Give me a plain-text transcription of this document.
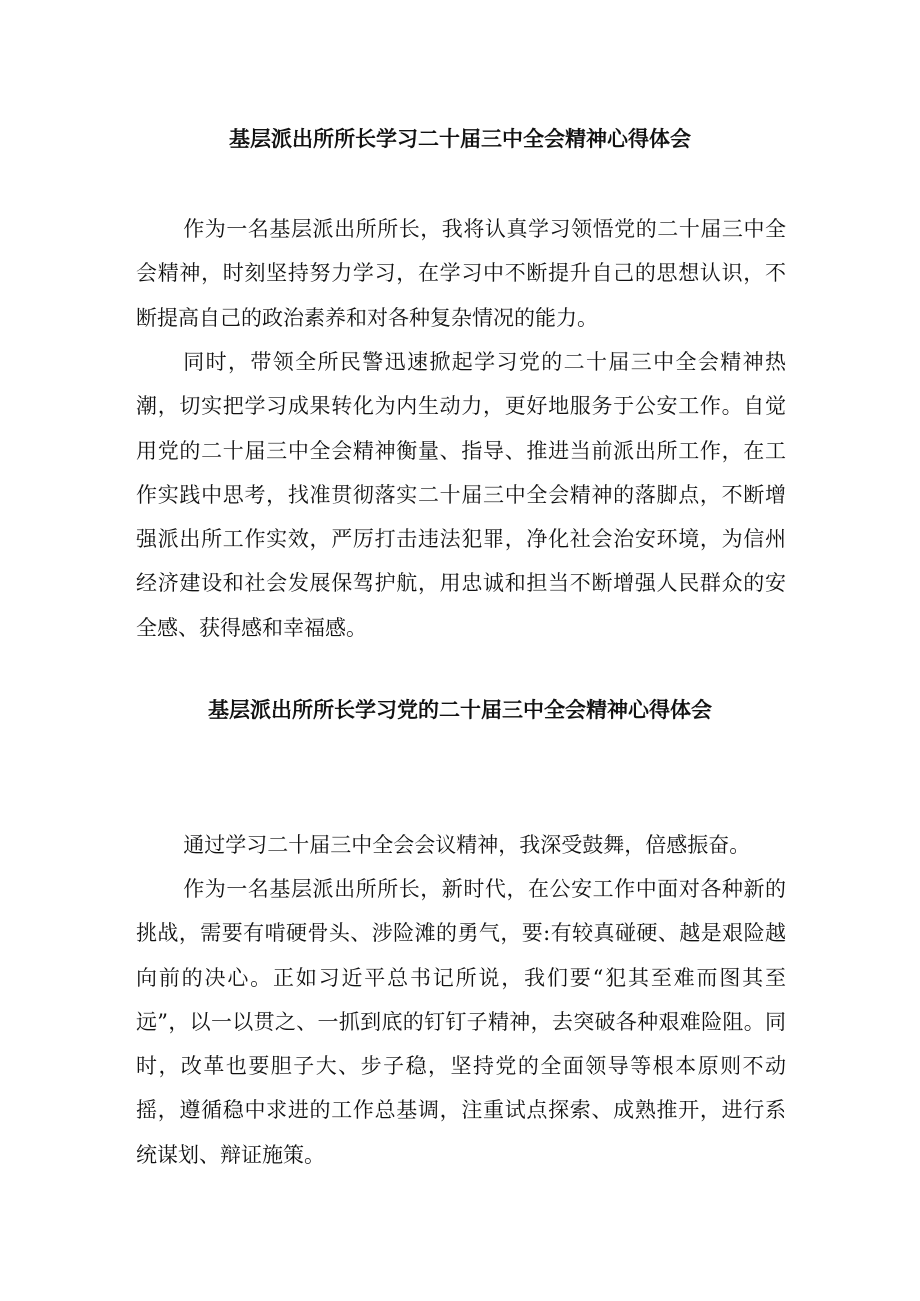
基层派出所所长学习二十届三中全会精神心得体会

作为一名基层派出所所长，我将认真学习领悟党的二十届三中全会精神，时刻坚持努力学习，在学习中不断提升自己的思想认识，不断提高自己的政治素养和对各种复杂情况的能力。

同时，带领全所民警迅速掀起学习党的二十届三中全会精神热潮，切实把学习成果转化为内生动力，更好地服务于公安工作。自觉用党的二十届三中全会精神衡量、指导、推进当前派出所工作，在工作实践中思考，找准贯彻落实二十届三中全会精神的落脚点，不断增强派出所工作实效，严厉打击违法犯罪，净化社会治安环境，为信州经济建设和社会发展保驾护航，用忠诚和担当不断增强人民群众的安全感、获得感和幸福感。

基层派出所所长学习党的二十届三中全会精神心得体会

通过学习二十届三中全会会议精神，我深受鼓舞，倍感振奋。

作为一名基层派出所所长，新时代，在公安工作中面对各种新的挑战，需要有啃硬骨头、涉险滩的勇气，要:有较真碰硬、越是艰险越向前的决心。正如习近平总书记所说，我们要“犯其至难而图其至远”，以一以贯之、一抓到底的钉钉子精神，去突破各种艰难险阻。同时，改革也要胆子大、步子稳，坚持党的全面领导等根本原则不动摇，遵循稳中求进的工作总基调，注重试点探索、成熟推开，进行系统谋划、辩证施策。
